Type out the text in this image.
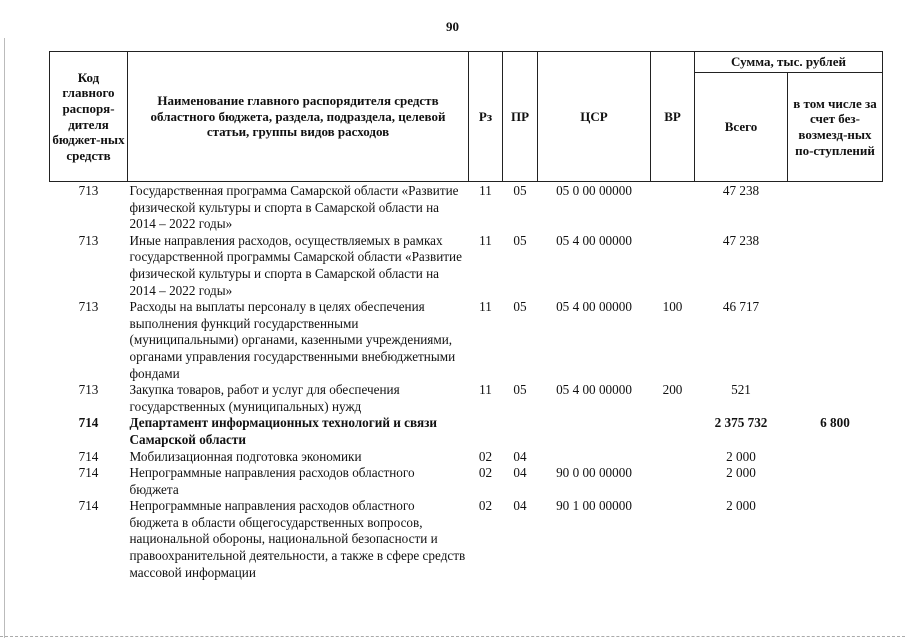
90
Код главного распоря-дителя бюджет-ных средств	Наименование главного распорядителя средств областного бюджета, раздела, подраздела, целевой статьи, группы видов расходов	Рз	ПР	ЦСР	ВР	Сумма, тыс. рублей	
						Всего	в том числе за счет без-возмезд-ных по-ступлений
713	Государственная программа Самарской области «Развитие физической культуры и спорта в Самарской области на 2014 – 2022 годы»	11	05	05 0 00 00000		47 238	
713	Иные направления расходов, осуществляемых в рамках государственной программы Самарской области «Развитие физической культуры и спорта в Самарской области на 2014 – 2022 годы»	11	05	05 4 00 00000		47 238	
713	Расходы на выплаты персоналу в целях обеспечения выполнения функций государственными (муниципальными) органами, казенными учреждениями, органами управления государственными внебюджетными фондами	11	05	05 4 00 00000	100	46 717	
713	Закупка товаров, работ и услуг для обеспечения государственных (муниципальных) нужд	11	05	05 4 00 00000	200	521	
714	Департамент информационных технологий и связи Самарской области					2 375 732	6 800
714	Мобилизационная подготовка экономики	02	04			2 000	
714	Непрограммные направления расходов областного бюджета	02	04	90 0 00 00000		2 000	
714	Непрограммные направления расходов областного бюджета в области общегосударственных вопросов, национальной обороны, национальной безопасности и правоохранительной деятельности, а также в сфере средств массовой информации	02	04	90 1 00 00000		2 000	
